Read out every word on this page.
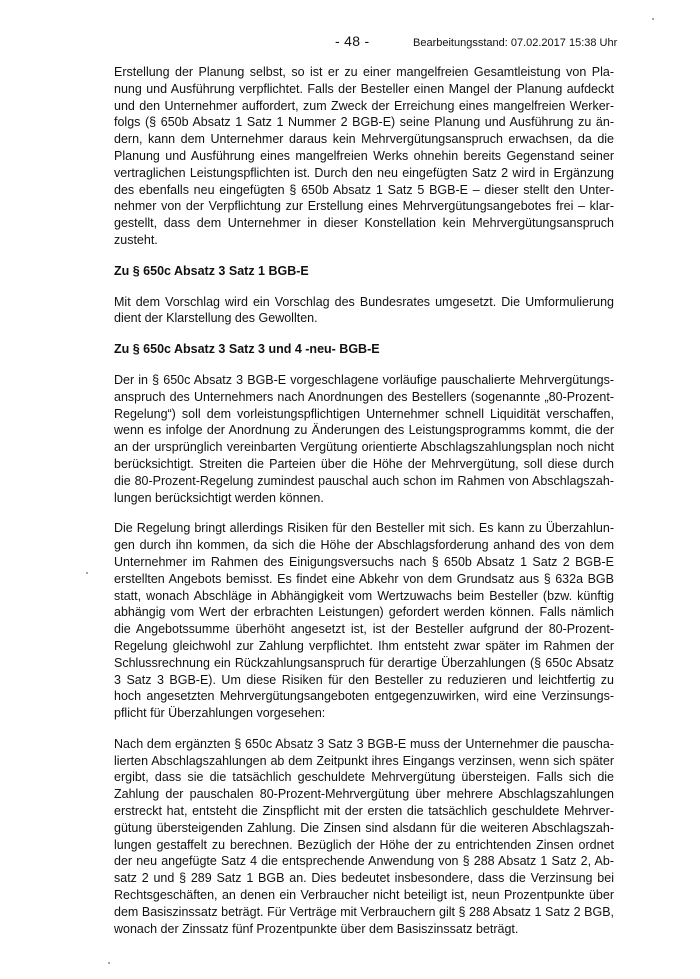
- 48 -	Bearbeitungsstand: 07.02.2017 15:38 Uhr

Erstellung der Planung selbst, so ist er zu einer mangelfreien Gesamtleistung von Planung und Ausführung verpflichtet. Falls der Besteller einen Mangel der Planung aufdeckt und den Unternehmer auffordert, zum Zweck der Erreichung eines mangelfreien Werkerfolgs (§ 650b Absatz 1 Satz 1 Nummer 2 BGB-E) seine Planung und Ausführung zu ändern, kann dem Unternehmer daraus kein Mehrvergütungsanspruch erwachsen, da die Planung und Ausführung eines mangelfreien Werks ohnehin bereits Gegenstand seiner vertraglichen Leistungspflichten ist. Durch den neu eingefügten Satz 2 wird in Ergänzung des ebenfalls neu eingefügten § 650b Absatz 1 Satz 5 BGB-E – dieser stellt den Unternehmer von der Verpflichtung zur Erstellung eines Mehrvergütungsangebotes frei – klargestellt, dass dem Unternehmer in dieser Konstellation kein Mehrvergütungsanspruch zusteht.

Zu § 650c Absatz 3 Satz 1 BGB-E

Mit dem Vorschlag wird ein Vorschlag des Bundesrates umgesetzt. Die Umformulierung dient der Klarstellung des Gewollten.

Zu § 650c Absatz 3 Satz 3 und 4 -neu- BGB-E

Der in § 650c Absatz 3 BGB-E vorgeschlagene vorläufige pauschalierte Mehrvergütungsanspruch des Unternehmers nach Anordnungen des Bestellers (sogenannte „80-Prozent-Regelung“) soll dem vorleistungspflichtigen Unternehmer schnell Liquidität verschaffen, wenn es infolge der Anordnung zu Änderungen des Leistungsprogramms kommt, die der an der ursprünglich vereinbarten Vergütung orientierte Abschlagszahlungsplan noch nicht berücksichtigt. Streiten die Parteien über die Höhe der Mehrvergütung, soll diese durch die 80-Prozent-Regelung zumindest pauschal auch schon im Rahmen von Abschlagszahlungen berücksichtigt werden können.

Die Regelung bringt allerdings Risiken für den Besteller mit sich. Es kann zu Überzahlungen durch ihn kommen, da sich die Höhe der Abschlagsforderung anhand des von dem Unternehmer im Rahmen des Einigungsversuchs nach § 650b Absatz 1 Satz 2 BGB-E erstellten Angebots bemisst. Es findet eine Abkehr von dem Grundsatz aus § 632a BGB statt, wonach Abschläge in Abhängigkeit vom Wertzuwachs beim Besteller (bzw. künftig abhängig vom Wert der erbrachten Leistungen) gefordert werden können. Falls nämlich die Angebotssumme überhöht angesetzt ist, ist der Besteller aufgrund der 80-Prozent-Regelung gleichwohl zur Zahlung verpflichtet. Ihm entsteht zwar später im Rahmen der Schlussrechnung ein Rückzahlungsanspruch für derartige Überzahlungen (§ 650c Absatz 3 Satz 3 BGB-E). Um diese Risiken für den Besteller zu reduzieren und leichtfertig zu hoch angesetzten Mehrvergütungsangeboten entgegenzuwirken, wird eine Verzinsungspflicht für Überzahlungen vorgesehen:

Nach dem ergänzten § 650c Absatz 3 Satz 3 BGB-E muss der Unternehmer die pauschalierten Abschlagszahlungen ab dem Zeitpunkt ihres Eingangs verzinsen, wenn sich später ergibt, dass sie die tatsächlich geschuldete Mehrvergütung übersteigen. Falls sich die Zahlung der pauschalen 80-Prozent-Mehrvergütung über mehrere Abschlagszahlungen erstreckt hat, entsteht die Zinspflicht mit der ersten die tatsächlich geschuldete Mehrvergütung übersteigenden Zahlung. Die Zinsen sind alsdann für die weiteren Abschlagszahlungen gestaffelt zu berechnen. Bezüglich der Höhe der zu entrichtenden Zinsen ordnet der neu angefügte Satz 4 die entsprechende Anwendung von § 288 Absatz 1 Satz 2, Absatz 2 und § 289 Satz 1 BGB an. Dies bedeutet insbesondere, dass die Verzinsung bei Rechtsgeschäften, an denen ein Verbraucher nicht beteiligt ist, neun Prozentpunkte über dem Basiszinssatz beträgt. Für Verträge mit Verbrauchern gilt § 288 Absatz 1 Satz 2 BGB, wonach der Zinssatz fünf Prozentpunkte über dem Basiszinssatz beträgt.
